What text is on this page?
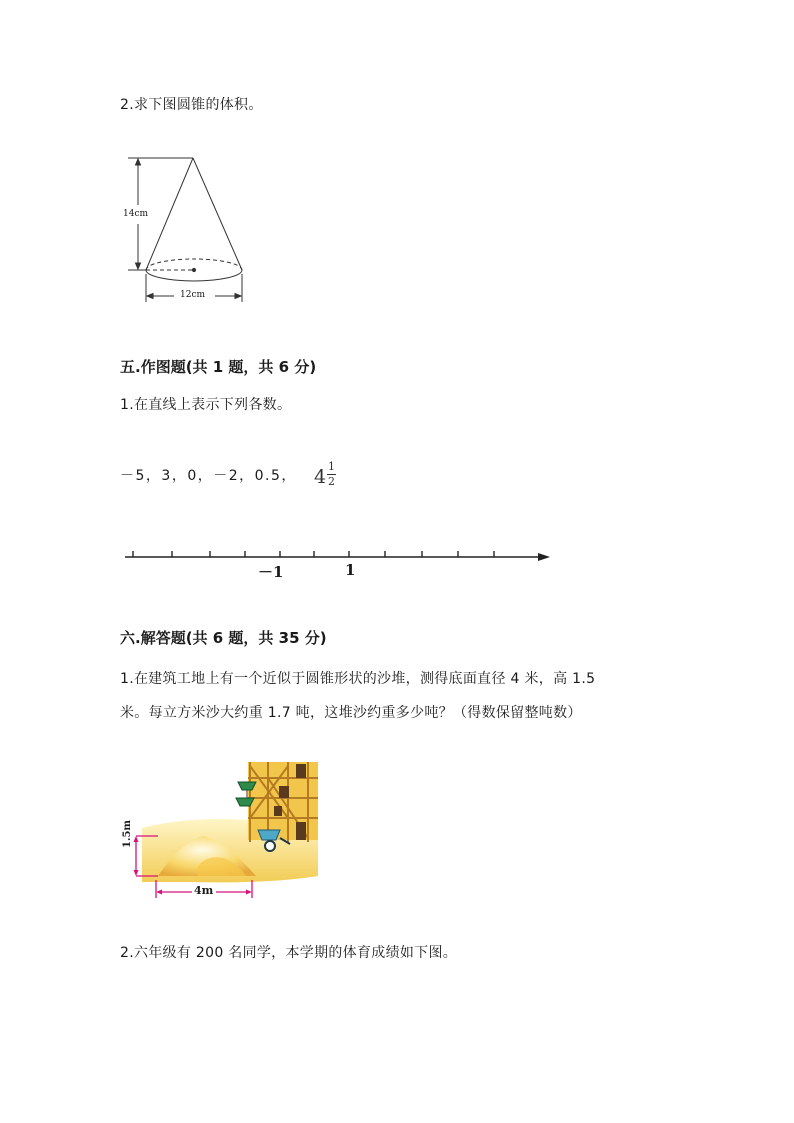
2.求下图圆锥的体积。
14cm
12cm
五.作图题(共 1 题，共 6 分)
1.在直线上表示下列各数。
－5，3，0，－2，0.5， 4 1
2
－1	1
六.解答题(共 6 题，共 35 分)
1.在建筑工地上有一个近似于圆锥形状的沙堆，测得底面直径 4 米，高 1.5
米。每立方米沙大约重 1.7 吨，这堆沙约重多少吨？（得数保留整吨数）
1.5m
4m
2.六年级有 200 名同学，本学期的体育成绩如下图。
